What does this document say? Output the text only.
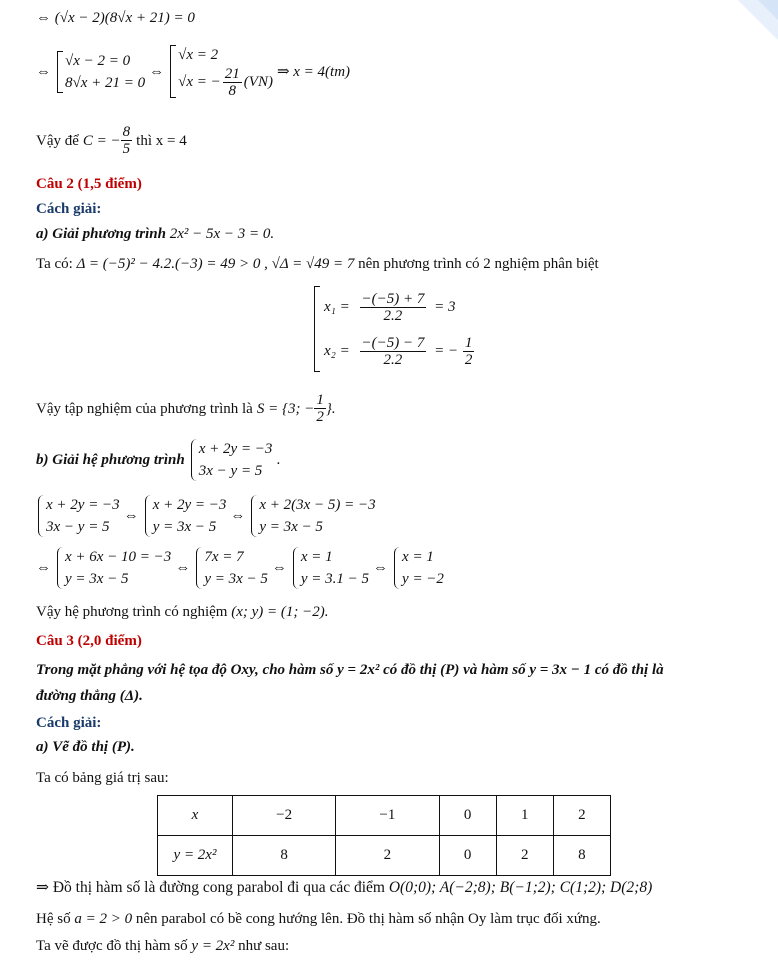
⇔ (√x − 2)(8√x + 21) = 0
⇔
√x − 2 = 0
8√x + 21 = 0
⇔
√x = 2
√x = − $\frac{21}{8} (VN)$
⇒ x = 4(tm)
Vậy để C = − $\frac{8}{5}$ thì x = 4
Câu 2 (1,5 điểm)
Cách giải:
a) Giải phương trình 2x² − 5x − 3 = 0.
Ta có: Δ = (−5)² − 4.2.(−3) = 49 > 0 , √Δ = √49 = 7 nên phương trình có 2 nghiệm phân biệt
$x_1 = \frac{-(-5) + 7}{2.2} = 3$
$x_2 = \frac{-(-5) - 7}{2.2}$ = − $\frac{1}{2}$
Vậy tập nghiệm của phương trình là S = {3; − $\frac{1}{2}$ }.
b) Giải hệ phương trình
x + 2y = −3
3x − y = 5
.
x + 2y = −3
3x − y = 5
⇔
x + 2y = −3
y = 3x − 5
⇔
x + 2(3x − 5) = −3
y = 3x − 5
⇔
x + 6x − 10 = −3
y = 3x − 5
⇔
7x = 7
y = 3x − 5
⇔
x = 1
y = 3.1 − 5
⇔
x = 1
y = −2
Vậy hệ phương trình có nghiệm (x; y) = (1; −2).
Câu 3 (2,0 điểm)
Trong mặt phẳng với hệ tọa độ Oxy, cho hàm số y = 2x² có đồ thị (P) và hàm số y = 3x − 1 có đồ thị là
đường thẳng (Δ).
Cách giải:
a) Vẽ đồ thị (P).
Ta có bảng giá trị sau:
x	−2	−1	0	1	2
y = 2x²	8	2	0	2	8
⇒ Đồ thị hàm số là đường cong parabol đi qua các điểm O(0;0); A(−2;8); B(−1;2); C(1;2); D(2;8)
Hệ số a = 2 > 0 nên parabol có bề cong hướng lên. Đồ thị hàm số nhận Oy làm trục đối xứng.
Ta vẽ được đồ thị hàm số y = 2x² như sau:
